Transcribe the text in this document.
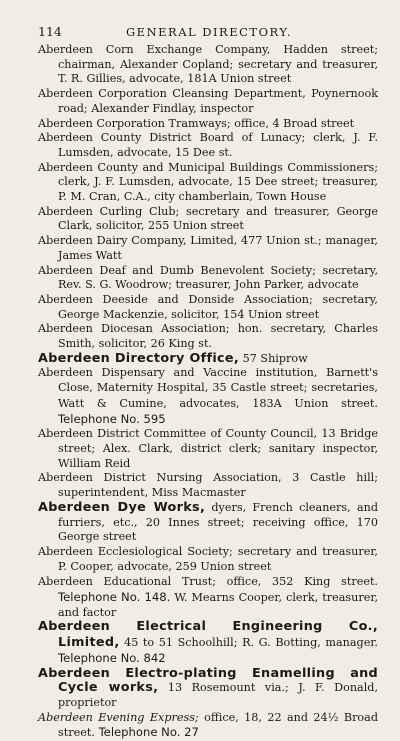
114	GENERAL DIRECTORY.

Aberdeen Corn Exchange Company, Hadden street; chairman, Alexander Copland; secretary and treasurer, T. R. Gillies, advocate, 181A Union street

Aberdeen Corporation Cleansing Department, Poynernook road; Alexander Findlay, inspector

Aberdeen Corporation Tramways; office, 4 Broad street

Aberdeen County District Board of Lunacy; clerk, J. F. Lumsden, advocate, 15 Dee st.

Aberdeen County and Municipal Buildings Commissioners; clerk, J. F. Lumsden, advocate, 15 Dee street; treasurer, P. M. Cran, C.A., city chamberlain, Town House

Aberdeen Curling Club; secretary and treasurer, George Clark, solicitor, 255 Union street

Aberdeen Dairy Company, Limited, 477 Union st.; manager, James Watt

Aberdeen Deaf and Dumb Benevolent Society; secretary, Rev. S. G. Woodrow; treasurer, John Parker, advocate

Aberdeen Deeside and Donside Association; secretary, George Mackenzie, solicitor, 154 Union street

Aberdeen Diocesan Association; hon. secretary, Charles Smith, solicitor, 26 King st.

Aberdeen Directory Office, 57 Shiprow

Aberdeen Dispensary and Vaccine institution, Barnett's Close, Maternity Hospital, 35 Castle street; secretaries, Watt & Cumine, advocates, 183A Union street. Telephone No. 595

Aberdeen District Committee of County Council, 13 Bridge street; Alex. Clark, district clerk; sanitary inspector, William Reid

Aberdeen District Nursing Association, 3 Castle hill; superintendent, Miss Macmaster

Aberdeen Dye Works, dyers, French cleaners, and furriers, etc., 20 Innes street; receiving office, 170 George street

Aberdeen Ecclesiological Society; secretary and treasurer, P. Cooper, advocate, 259 Union street

Aberdeen Educational Trust; office, 352 King street. Telephone No. 148. W. Mearns Cooper, clerk, treasurer, and factor

Aberdeen Electrical Engineering Co., Limited, 45 to 51 Schoolhill; R. G. Botting, manager. Telephone No. 842

Aberdeen Electro-plating Enamelling and Cycle works, 13 Rosemount via.; J. F. Donald, proprietor

Aberdeen Evening Express; office, 18, 22 and 24½ Broad street. Telephone No. 27
